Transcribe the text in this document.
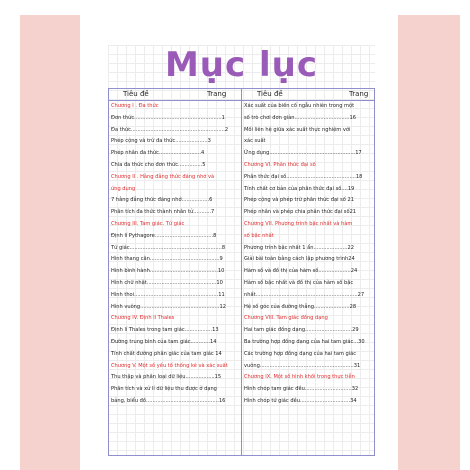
Mục lục
Tiêu đề	Trang	Tiêu đề	Trang
Chương I . Đa thức
Đơn thức......................................................1
Đa thức..........................................................2
Phép cộng và trừ đa thức....................3
Phép nhân đa thức..........................4
Chia đa thức cho đơn thức...............5
Chương II . Hằng đẳng thức đáng nhớ và
ứng dụng
7 hằng đẳng thức đáng nhớ.................6
Phân tích đa thức thành nhân tử...........7
Chương III. Tam giác. Tứ giác
Định lí Pythagore....................................8
Tứ giác.........................................................8
Hình thang cân...........................................9
Hình bình hành..........................................10
Hình chữ nhật...........................................10
Hình thoi....................................................11
Hình vuông.................................................12
Chương IV. Định lí Thales
Định lí Thales trong tam giác.................13
Đường trung bình của tam giác............14
Tính chất đường phân giác của tam giác 14
Chương V. Một số yếu tố thống kê và xác suất
Thu thập và phân loại dữ liệu..................15
Phân tích và xử lí dữ liệu thu được ở dạng
bảng, biểu đồ.............................................16
Xác suất của biến cố ngẫu nhiên trong một
số trò chơi đơn giản..................................16
Mối liên hệ giữa xác suất thực nghiệm với
xác suất
Ứng dụng.....................................................17
Chương VI. Phân thức đại số
Phân thức đại số...........................................18
Tính chất cơ bản của phân thức đại số....19
Phép cộng và phép trừ phân thức đại số 21
Phép nhân và phép chia phân thức đại số21
Chương VII. Phương trình bậc nhất và hàm
số bậc nhất
Phương trình bậc nhất 1 ẩn.....................22
Giải bài toán bằng cách lập phương trình24
Hàm số và đồ thị của hàm số....................24
Hàm số bậc nhất và đồ thị của hàm số bậc
nhất...............................................................27
Hệ số góc của đường thẳng......................28
Chương VIII. Tam giác đồng dạng
Hai tam giác đồng dạng.............................29
Ba trường hợp đồng dạng của hai tam giác...30
Các trường hợp đồng dạng của hai tam giác
vuông..........................................................31
Chương IX. Một số hình khối trong thực tiễn
Hình chóp tam giác đều.............................32
Hình chóp tứ giác đều...............................34
